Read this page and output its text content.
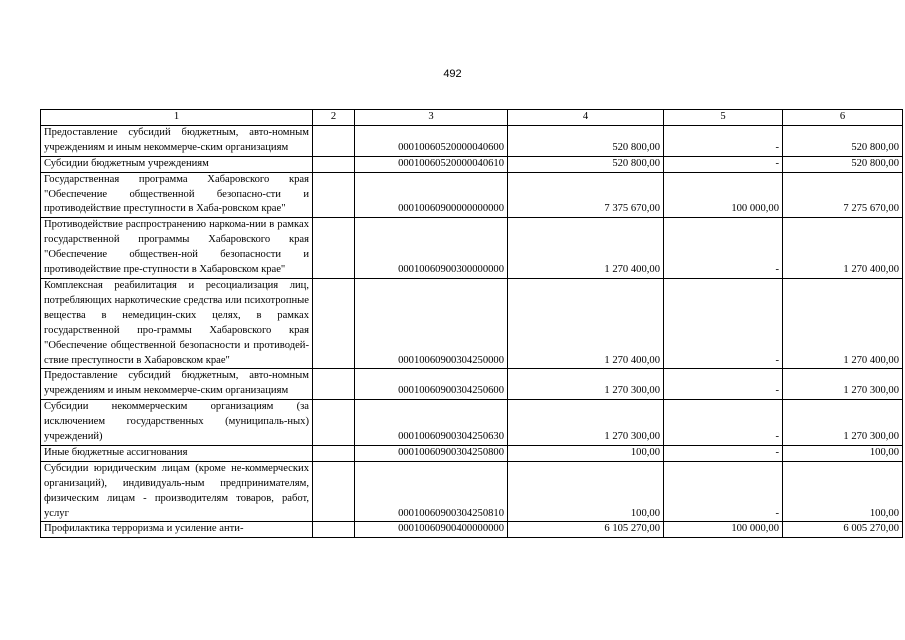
492
1	2	3	4	5	6
Предоставление субсидий бюджетным, авто-номным учреждениям и иным некоммерче-ским организациям		00010060520000040600	520 800,00	-	520 800,00
Субсидии бюджетным учреждениям		00010060520000040610	520 800,00	-	520 800,00
Государственная программа Хабаровского края "Обеспечение общественной безопасно-сти и противодействие преступности в Хаба-ровском крае"		00010060900000000000	7 375 670,00	100 000,00	7 275 670,00
Противодействие распространению наркома-нии в рамках государственной программы Хабаровского края "Обеспечение обществен-ной безопасности и противодействие пре-ступности в Хабаровском крае"		00010060900300000000	1 270 400,00	-	1 270 400,00
Комплексная реабилитация и ресоциализация лиц, потребляющих наркотические средства или психотропные вещества в немедицин-ских целях, в рамках государственной про-граммы Хабаровского края "Обеспечение общественной безопасности и противодей-ствие преступности в Хабаровском крае"		00010060900304250000	1 270 400,00	-	1 270 400,00
Предоставление субсидий бюджетным, авто-номным учреждениям и иным некоммерче-ским организациям		00010060900304250600	1 270 300,00	-	1 270 300,00
Субсидии некоммерческим организациям (за исключением государственных (муниципаль-ных) учреждений)		00010060900304250630	1 270 300,00	-	1 270 300,00
Иные бюджетные ассигнования		00010060900304250800	100,00	-	100,00
Субсидии юридическим лицам (кроме не-коммерческих организаций), индивидуаль-ным предпринимателям, физическим лицам - производителям товаров, работ, услуг		00010060900304250810	100,00	-	100,00
Профилактика терроризма и усиление анти-		00010060900400000000	6 105 270,00	100 000,00	6 005 270,00
